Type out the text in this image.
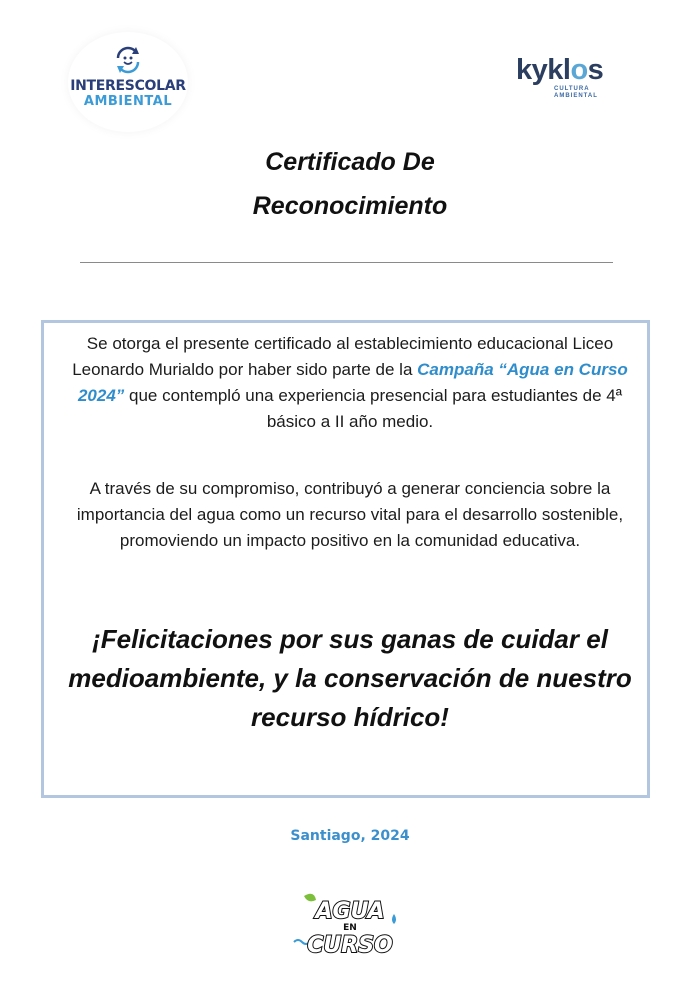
INTERESCOLAR
AMBIENTAL
kyklos
CULTURA AMBIENTAL
Certificado De
Reconocimiento
Se otorga el presente certificado al establecimiento educacional Liceo Leonardo Murialdo por haber sido parte de la Campaña “Agua en Curso 2024” que contempló una experiencia presencial para estudiantes de 4ª básico a II año medio.
A través de su compromiso, contribuyó a generar conciencia sobre la importancia del agua como un recurso vital para el desarrollo sostenible, promoviendo un impacto positivo en la comunidad educativa.
¡Felicitaciones por sus ganas de cuidar el medioambiente, y la conservación de nuestro recurso hídrico!
Santiago, 2024
AGUA
EN
CURSO
